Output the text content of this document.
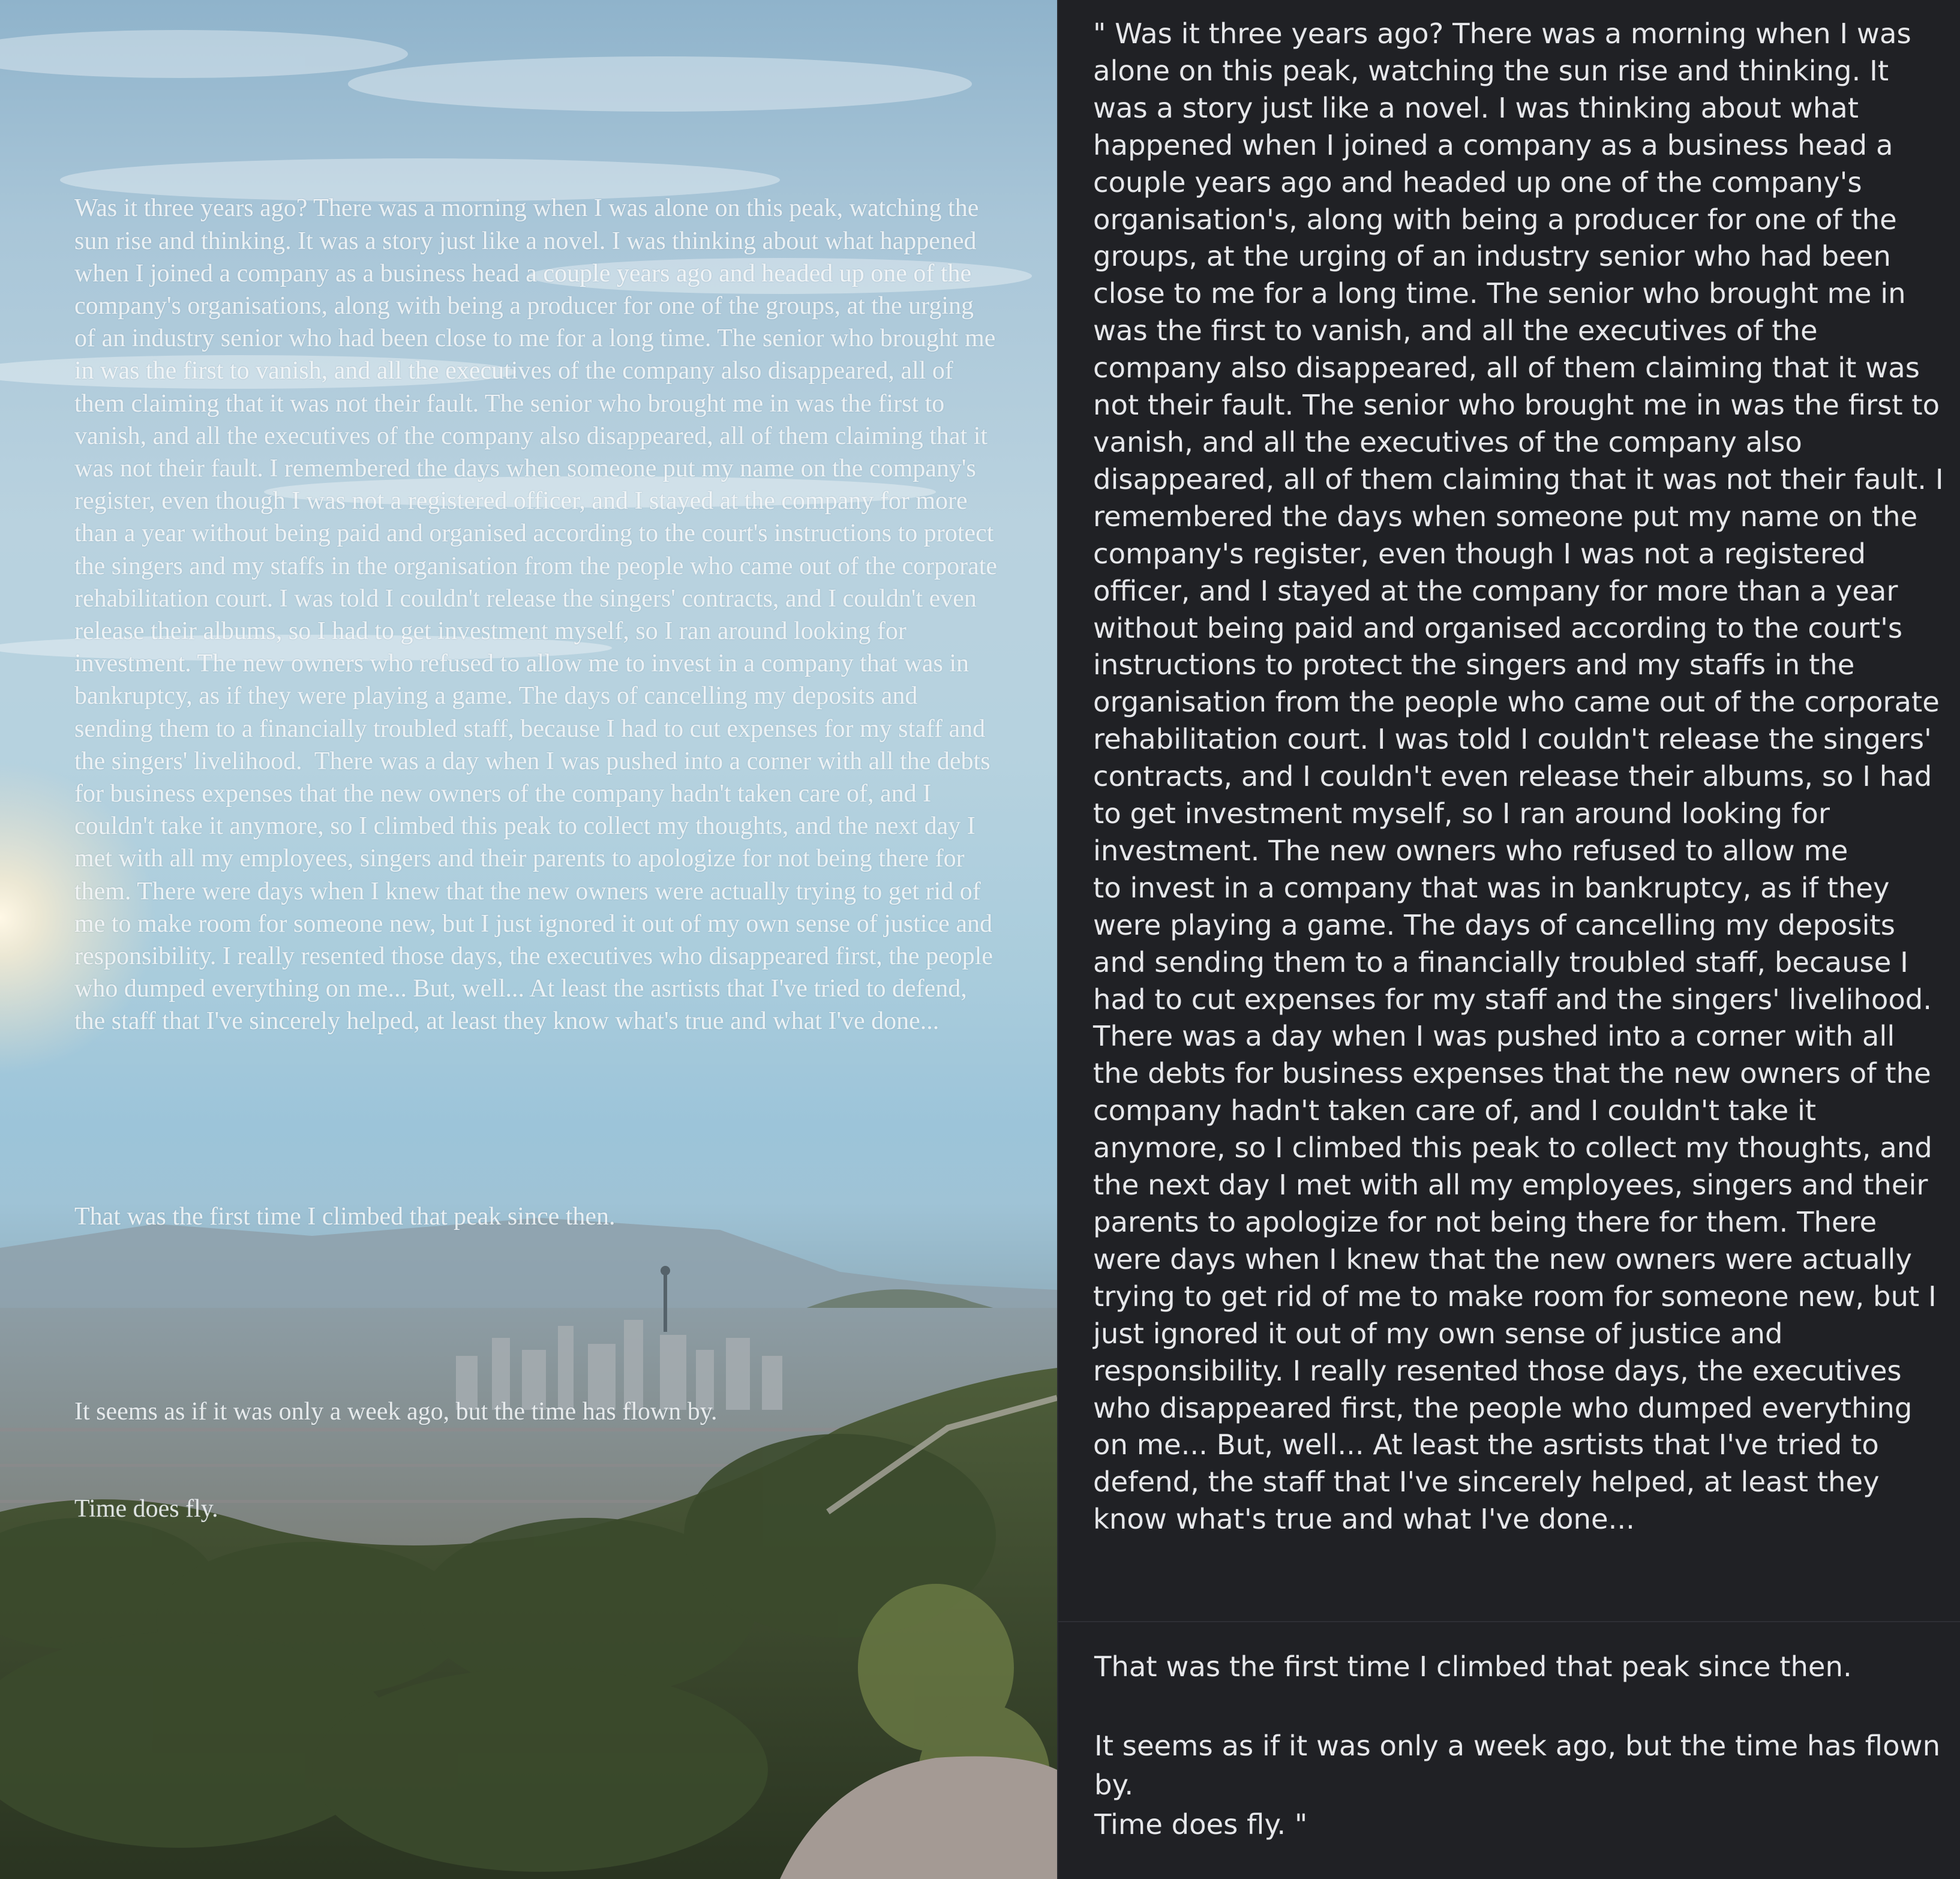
Was it three years ago? There was a morning when I was alone on this peak, watching the sun rise and thinking. It was a story just like a novel. I was thinking about what happened when I joined a company as a business head a couple years ago and headed up one of the company's organisations, along with being a producer for one of the groups, at the urging of an industry senior who had been close to me for a long time. The senior who brought me in was the first to vanish, and all the executives of the company also disappeared, all of them claiming that it was not their fault. The senior who brought me in was the first to vanish, and all the executives of the company also disappeared, all of them claiming that it was not their fault. I remembered the days when someone put my name on the company's register, even though I was not a registered officer, and I stayed at the company for more than a year without being paid and organised according to the court's instructions to protect the singers and my staffs in the organisation from the people who came out of the corporate rehabilitation court. I was told I couldn't release the singers' contracts, and I couldn't even release their albums, so I had to get investment myself, so I ran around looking for investment. The new owners who refused to allow me to invest in a company that was in bankruptcy, as if they were playing a game. The days of cancelling my deposits and sending them to a financially troubled staff, because I had to cut expenses for my staff and the singers' livelihood.  There was a day when I was pushed into a corner with all the debts for business expenses that the new owners of the company hadn't taken care of, and I couldn't take it anymore, so I climbed this peak to collect my thoughts, and the next day I met with all my employees, singers and their parents to apologize for not being there for them. There were days when I knew that the new owners were actually trying to get rid of me to make room for someone new, but I just ignored it out of my own sense of justice and responsibility. I really resented those days, the executives who disappeared first, the people who dumped everything on me... But, well... At least the asrtists that I've tried to defend, the staff that I've sincerely helped, at least they know what's true and what I've done...

That was the first time I climbed that peak since then.

It seems as if it was only a week ago, but the time has flown by.

Time does fly.

" Was it three years ago? There was a morning when I was alone on this peak, watching the sun rise and thinking. It was a story just like a novel. I was thinking about what happened when I joined a company as a business head a couple years ago and headed up one of the company's organisation's, along with being a producer for one of the groups, at the urging of an industry senior who had been close to me for a long time. The senior who brought me in was the first to vanish, and all the executives of the company also disappeared, all of them claiming that it was not their fault. The senior who brought me in was the first to vanish, and all the executives of the company also disappeared, all of them claiming that it was not their fault. I remembered the days when someone put my name on the company's register, even though I was not a registered officer, and I stayed at the company for more than a year without being paid and organised according to the court's instructions to protect the singers and my staffs in the organisation from the people who came out of the corporate rehabilitation court. I was told I couldn't release the singers' contracts, and I couldn't even release their albums, so I had to get investment myself, so I ran around looking for investment. The new owners who refused to allow me
to invest in a company that was in bankruptcy, as if they were playing a game. The days of cancelling my deposits and sending them to a financially troubled staff, because I had to cut expenses for my staff and the singers' livelihood. There was a day when I was pushed into a corner with all the debts for business expenses that the new owners of the company hadn't taken care of, and I couldn't take it anymore, so I climbed this peak to collect my thoughts, and the next day I met with all my employees, singers and their parents to apologize for not being there for them. There were days when I knew that the new owners were actually trying to get rid of me to make room for someone new, but I just ignored it out of my own sense of justice and responsibility. I really resented those days, the executives who disappeared first, the people who dumped everything on me... But, well... At least the asrtists that I've tried to defend, the staff that I've sincerely helped, at least they know what's true and what I've done...

That was the first time I climbed that peak since then.

It seems as if it was only a week ago, but the time has flown by.

Time does fly. "
